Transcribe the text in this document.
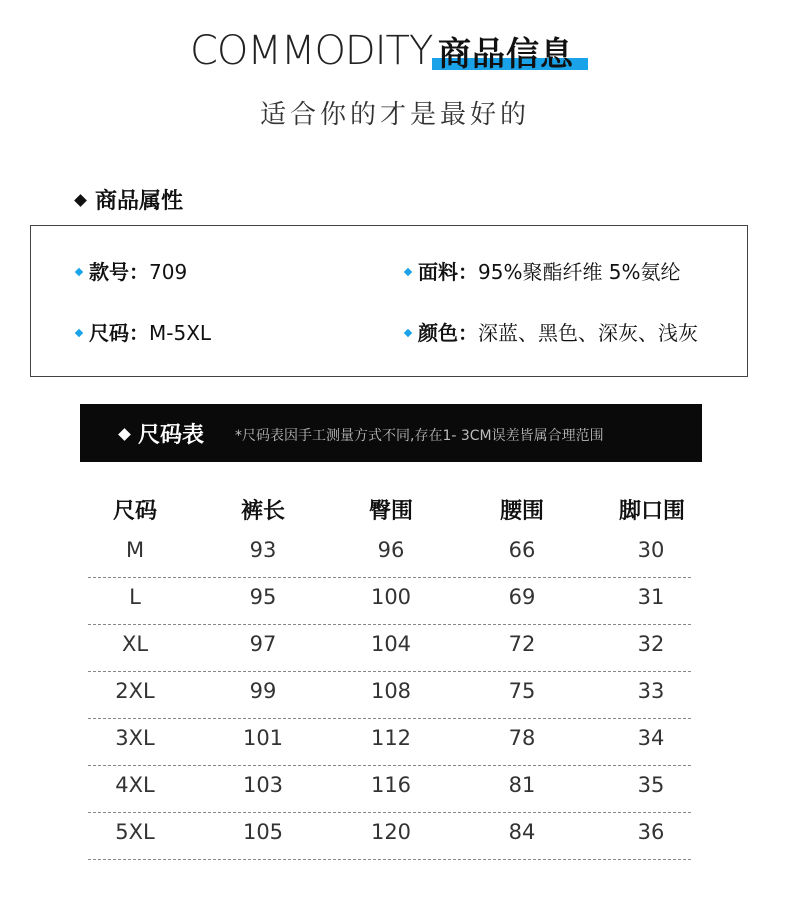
COMMODITY 商品信息
适合你的才是最好的
商品属性
款号：709	面料：95%聚酯纤维 5%氨纶
尺码：M-5XL	颜色：深蓝、黑色、深灰、浅灰
尺码表 *尺码表因手工测量方式不同,存在1- 3CM误差皆属合理范围
尺码	裤长	臀围	腰围	脚口围
M	93	96	66	30
L	95	100	69	31
XL	97	104	72	32
2XL	99	108	75	33
3XL	101	112	78	34
4XL	103	116	81	35
5XL	105	120	84	36
